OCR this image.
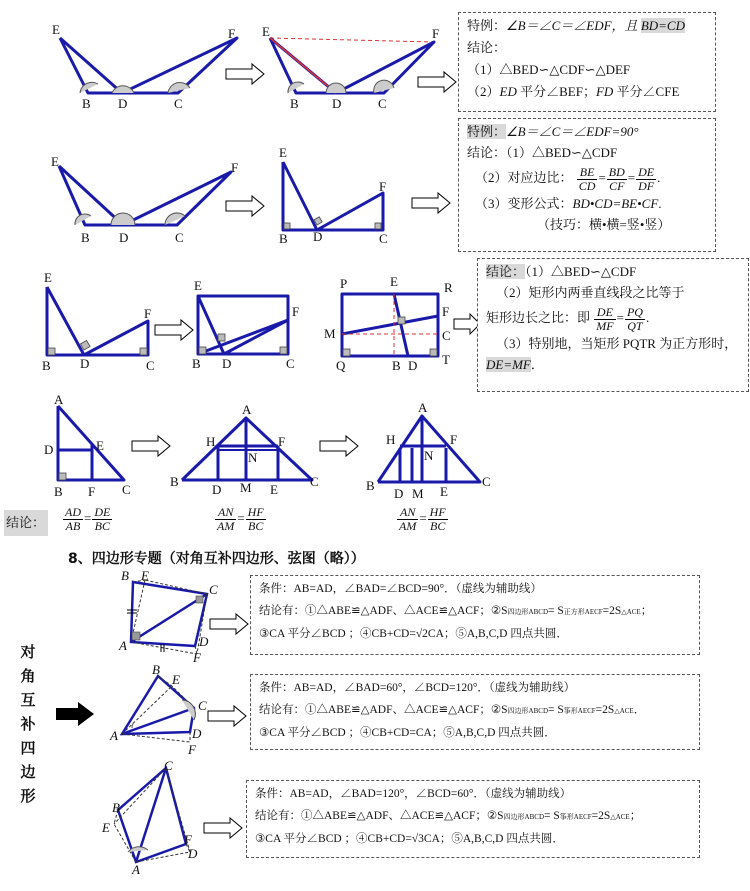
E
B D	C
F E
B	D	C
F
特例：∠B＝∠C＝∠EDF，且 BD=CD
结论：
（1）△BED∽△CDF∽△DEF
（2）ED 平分∠BEF；FD 平分∠CFE
E
B D	C
F
E
B D	C
F
特例：∠B＝∠C＝∠EDF=90°
结论：（1）△BED∽△CDF
（2）对应边比： $\frac{BE}{CD} = \frac{BD}{CF} = \frac{DE}{DF}$ .
（3）变形公式：BD•CD=BE•CF.
（技巧：横•横=竖•竖）
E
B D	C
F
E
B D	C
F
P	E	R
F
M	C
Q	B D T
结论：（1）△BED∽△CDF
（2）矩形内两垂直线段之比等于
矩形边长之比：即 $\frac{DE}{MF} = \frac{PQ}{QT}$ .
（3）特别地，当矩形 PQTR 为正方形时，
DE=MF．
A
D	E
B F C
A
H	F
N
B
D M E
C
A
H	F
N
B
D M E
C
结论： $\frac{AD}{AB} = \frac{DE}{BC}$	$\frac{AN}{AM} = \frac{HF}{BC}$	$\frac{AN}{AM} = \frac{HF}{BC}$
8、四边形专题（对角互补四边形、弦图（略））
对
角
互
补
四
边
形
B E
C
A	D
F
条件：AB=AD，∠BAD=∠BCD=90°．（虚线为辅助线）
结论有：①△ABE≌△ADF、△ACE≌△ACF；②S四边形ABCD= S正方形AECF=2S△ACE；
③CA 平分∠BCD ；④CB+CD=√2CA；⑤A,B,C,D 四点共圆．
B
E
C
A	D
F
条件：AB=AD，∠BAD=60°，∠BCD=120°．（虚线为辅助线）
结论有：①△ABE≌△ADF、△ACE≌△ACF；②S四边形ABCD= S筝形AECF=2S△ACE．
③CA 平分∠BCD ；④CB+CD=CA；⑤A,B,C,D 四点共圆．
C
B
E
F
D
A
条件：AB=AD，∠BAD=120°，∠BCD=60°．（虚线为辅助线）
结论有：①△ABE≌△ADF、△ACE≌△ACF；②S四边形ABCD= S筝形AECF=2S△ACE；
③CA 平分∠BCD ；④CB+CD=√3CA；⑤A,B,C,D 四点共圆．
